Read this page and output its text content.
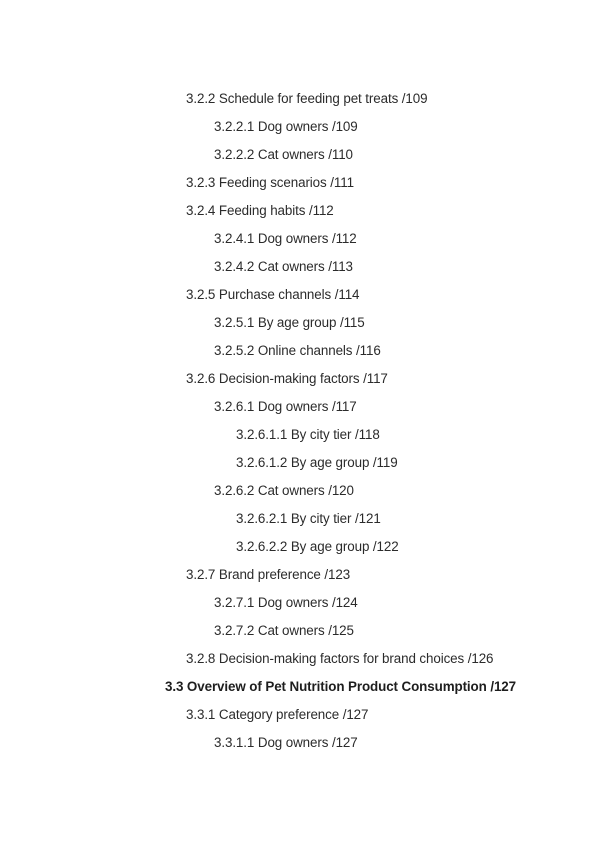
3.2.2 Schedule for feeding pet treats /109
3.2.2.1 Dog owners /109
3.2.2.2 Cat owners /110
3.2.3 Feeding scenarios /111
3.2.4 Feeding habits /112
3.2.4.1 Dog owners /112
3.2.4.2 Cat owners /113
3.2.5 Purchase channels /114
3.2.5.1 By age group /115
3.2.5.2 Online channels /116
3.2.6 Decision-making factors /117
3.2.6.1 Dog owners /117
3.2.6.1.1 By city tier /118
3.2.6.1.2 By age group /119
3.2.6.2 Cat owners /120
3.2.6.2.1 By city tier /121
3.2.6.2.2 By age group /122
3.2.7 Brand preference /123
3.2.7.1 Dog owners /124
3.2.7.2 Cat owners /125
3.2.8 Decision-making factors for brand choices /126
3.3 Overview of Pet Nutrition Product Consumption /127
3.3.1 Category preference /127
3.3.1.1 Dog owners /127
